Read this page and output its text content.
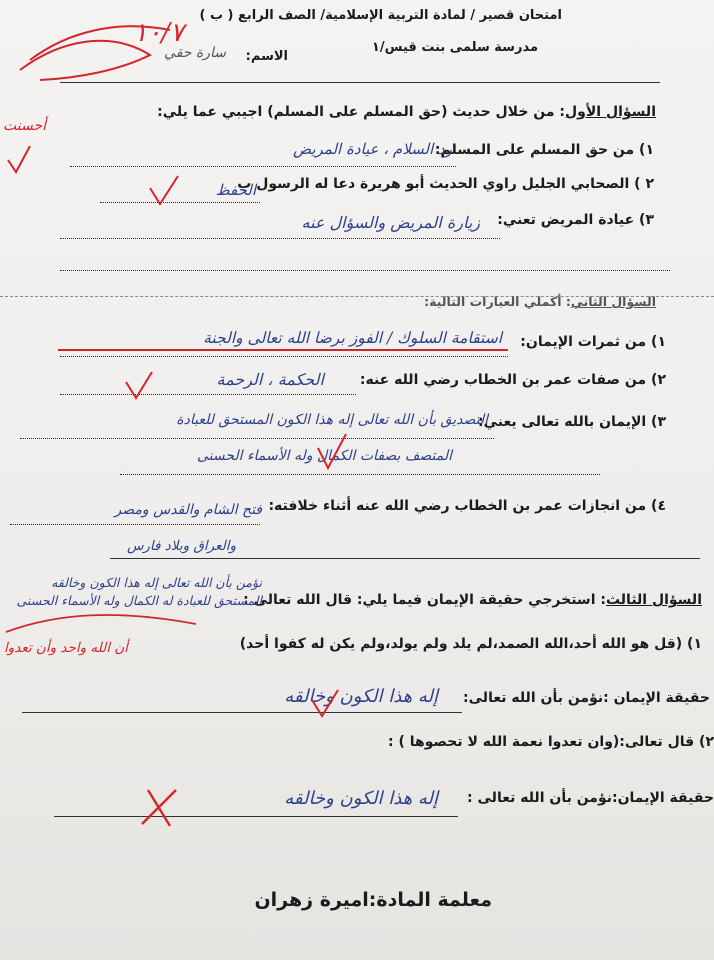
امتحان قصير / لمادة التربية الإسلامية/ الصف الرابع ( ب )
مدرسة سلمى بنت قيس/١
الاسم:
سارة حقي
١٠/٧
أحسنت
السؤال الأول: من خلال حديث (حق المسلم على المسلم) اجيبي عما يلي:
١) من حق المسلم على المسلم:
رد السلام ، عيادة المريض
٢ ) الصحابي الجليل راوي الحديث أبو هريرة دعا له الرسول ب
الحفظ
٣) عيادة المريض تعني:
زيارة المريض والسؤال عنه
السؤال الثاني: أكملي العبارات التالية:
١) من ثمرات الإيمان:
استقامة السلوك / الفوز برضا الله تعالى والجنة
٢) من صفات عمر بن الخطاب رضي الله عنه:
الحكمة ، الرحمة
٣) الإيمان بالله تعالى يعني:
التصديق بأن الله تعالى إله هذا الكون المستحق للعبادة
المتصف بصفات الكمال وله الأسماء الحسنى
٤) من انجازات عمر بن الخطاب رضي الله عنه أثناء خلافته:
فتح الشام والقدس ومصر
والعراق وبلاد فارس
السؤال الثالث: استخرجي حقيقة الإيمان فيما يلي: قال الله تعالى :
نؤمن بأن الله تعالى إله هذا الكون وخالقه المستحق للعبادة له الكمال وله الأسماء الحسنى
١) (قل هو الله أحد،الله الصمد،لم يلد ولم يولد،ولم يكن له كفوا أحد)
أن الله واحد وأن تعدوا
حقيقة الإيمان :نؤمن بأن الله تعالى:
إله هذا الكون وخالقه
٢) قال تعالى:(وان تعدوا نعمة الله لا تحصوها ) :
حقيقة الإيمان:نؤمن بأن الله تعالى :
إله هذا الكون وخالقه
معلمة المادة:اميرة زهران
